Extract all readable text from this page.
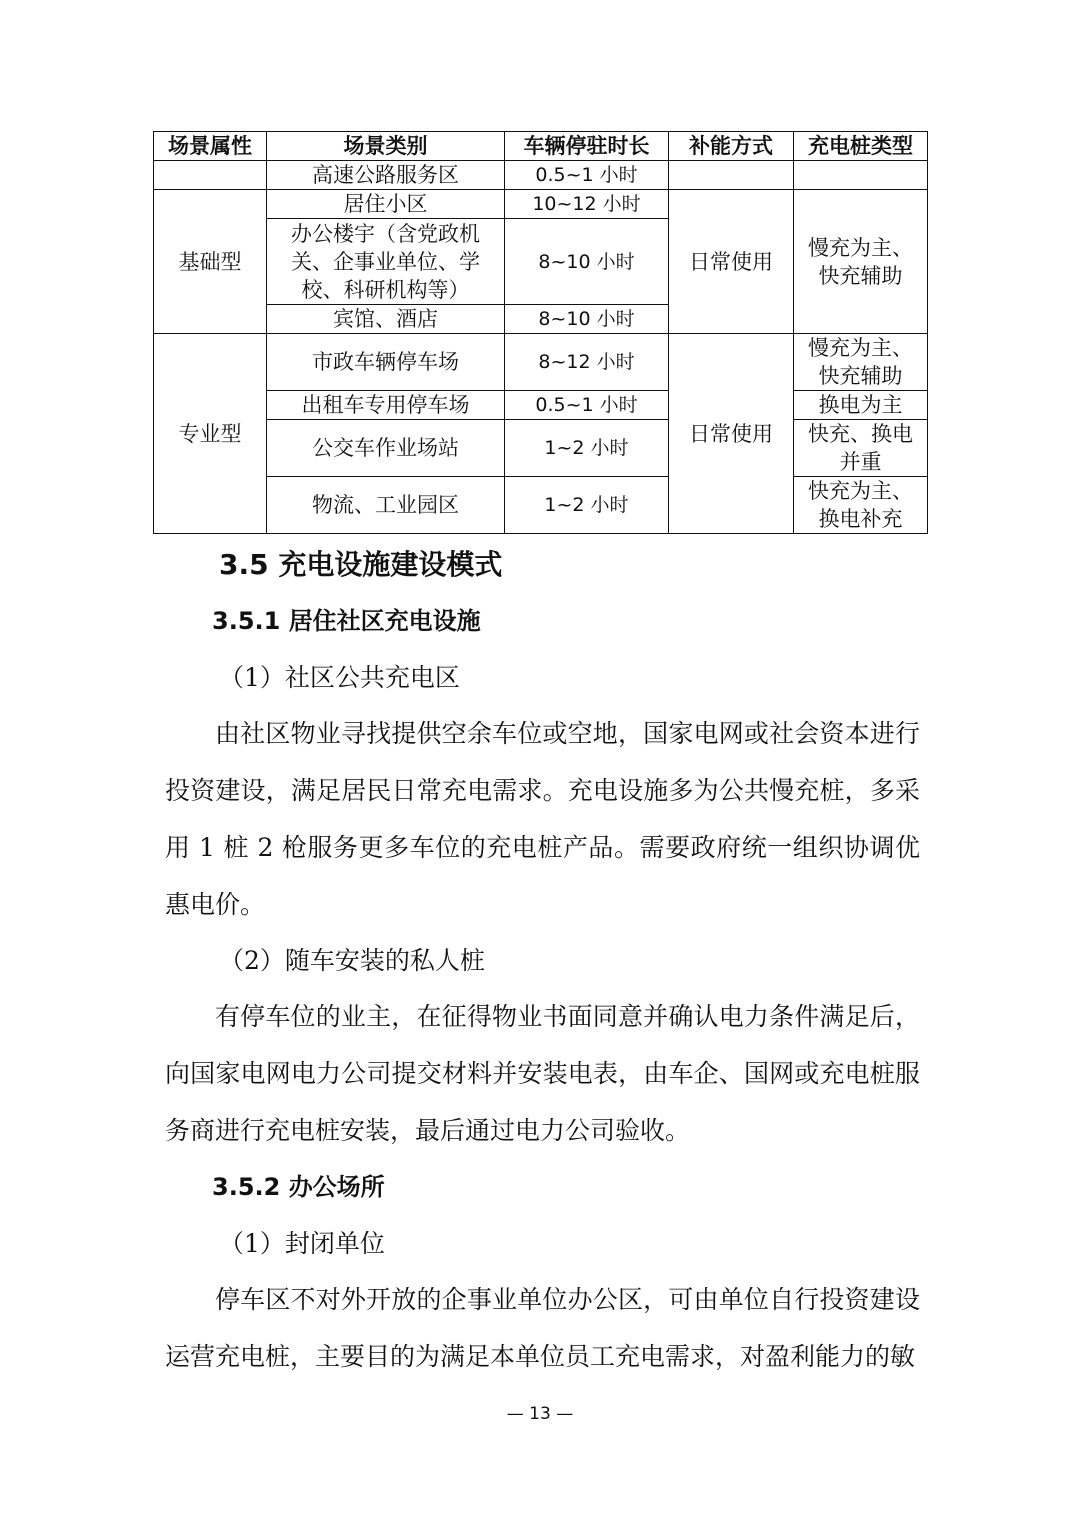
场景属性	场景类别	车辆停驻时长	补能方式	充电桩类型
	高速公路服务区	0.5~1 小时		
基础型	居住小区	10~12 小时	日常使用	慢充为主、快充辅助
	办公楼宇（含党政机关、企事业单位、学校、科研机构等）	8~10 小时		
	宾馆、酒店	8~10 小时		
专业型	市政车辆停车场	8~12 小时	日常使用	慢充为主、快充辅助
	出租车专用停车场	0.5~1 小时		换电为主
	公交车作业场站	1~2 小时		快充、换电并重
	物流、工业园区	1~2 小时		快充为主、换电补充
3.5 充电设施建设模式
3.5.1 居住社区充电设施
（1）社区公共充电区

由社区物业寻找提供空余车位或空地，国家电网或社会资本进行投资建设，满足居民日常充电需求。充电设施多为公共慢充桩，多采用 1 桩 2 枪服务更多车位的充电桩产品。需要政府统一组织协调优惠电价。

（2）随车安装的私人桩

有停车位的业主，在征得物业书面同意并确认电力条件满足后，向国家电网电力公司提交材料并安装电表，由车企、国网或充电桩服务商进行充电桩安装，最后通过电力公司验收。

3.5.2 办公场所
（1）封闭单位

停车区不对外开放的企事业单位办公区，可由单位自行投资建设运营充电桩，主要目的为满足本单位员工充电需求，对盈利能力的敏

— 13 —
